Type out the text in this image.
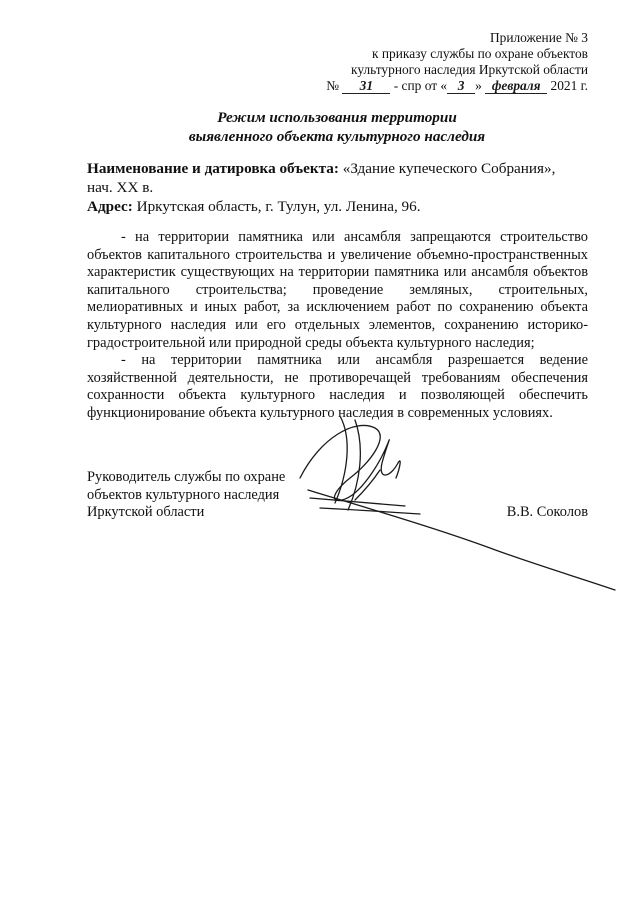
Приложение № 3
к приказу службы по охране объектов
культурного наследия Иркутской области
№ 31 - спр от « 3 » февраля 2021 г.
Режим использования территории
выявленного объекта культурного наследия
Наименование и датировка объекта: «Здание купеческого Собрания»,
нач. XX в.
Адрес: Иркутская область, г. Тулун, ул. Ленина, 96.

- на территории памятника или ансамбля запрещаются строительство объектов капитального строительства и увеличение объемно-пространственных характеристик существующих на территории памятника или ансамбля объектов капитального строительства; проведение земляных, строительных, мелиоративных и иных работ, за исключением работ по сохранению объекта культурного наследия или его отдельных элементов, сохранению историко-градостроительной или природной среды объекта культурного наследия;

- на территории памятника или ансамбля разрешается ведение хозяйственной деятельности, не противоречащей требованиям обеспечения сохранности объекта культурного наследия и позволяющей обеспечить функционирование объекта культурного наследия в современных условиях.

Руководитель службы по охране
объектов культурного наследия
Иркутской области	В.В. Соколов
